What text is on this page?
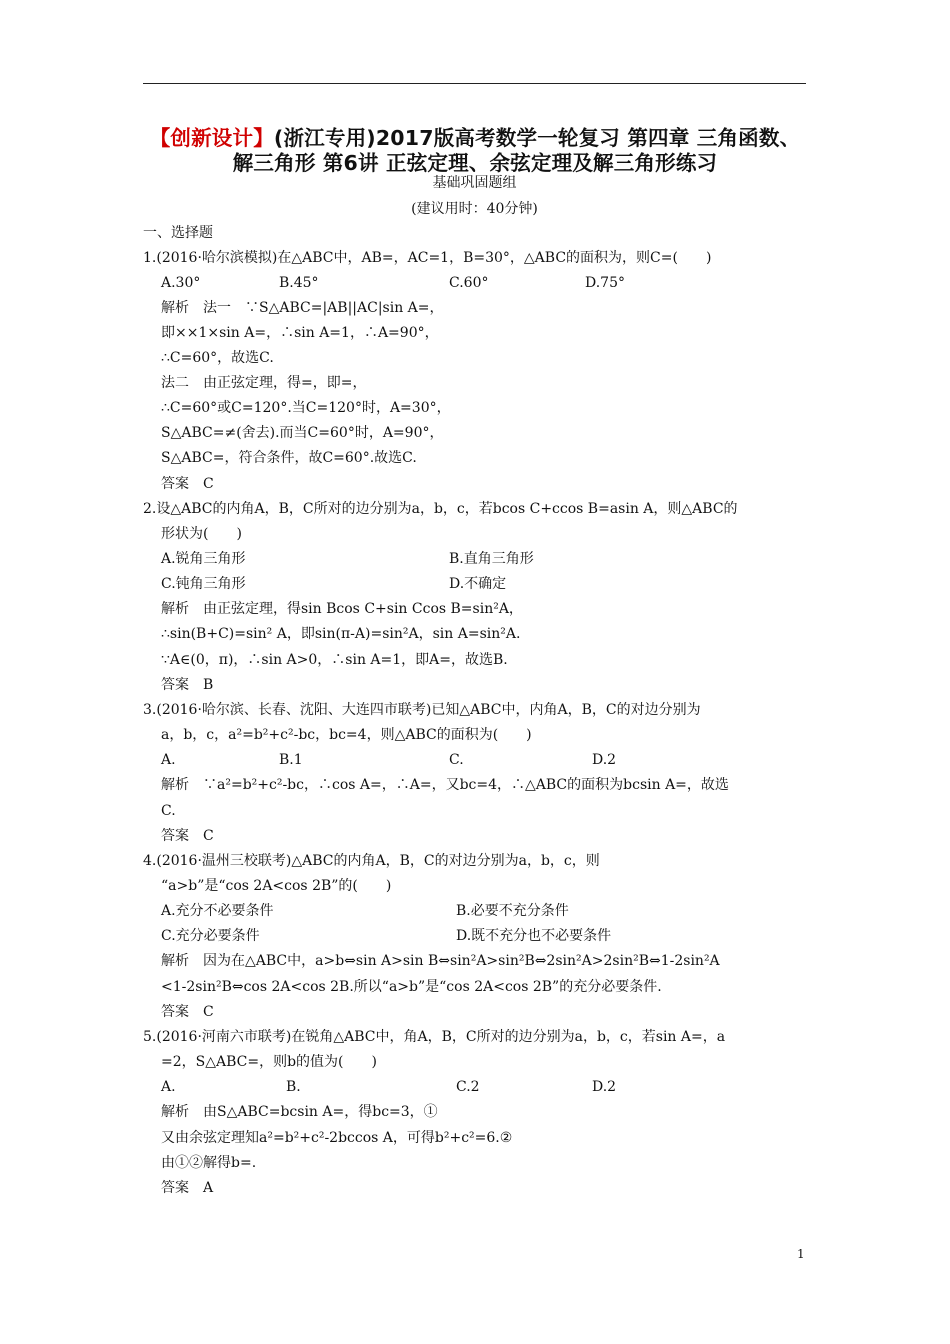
【创新设计】(浙江专用)2017版高考数学一轮复习 第四章 三角函数、
解三角形 第6讲 正弦定理、余弦定理及解三角形练习
基础巩固题组
(建议用时：40分钟)
一、选择题
1.(2016·哈尔滨模拟)在△ABC中，AB=，AC=1，B=30°，△ABC的面积为，则C=(　　)
A.30°	B.45°	C.60°	D.75°
解析　法一　∵S△ABC=|AB||AC|sin A=，
即××1×sin A=，∴sin A=1，∴A=90°，
∴C=60°，故选C.
法二　由正弦定理，得=，即=，
∴C=60°或C=120°.当C=120°时，A=30°，
S△ABC=≠(舍去).而当C=60°时，A=90°，
S△ABC=，符合条件，故C=60°.故选C.
答案　C
2.设△ABC的内角A，B，C所对的边分别为a，b，c，若bcos C+ccos B=asin A，则△ABC的
形状为(　　)
A.锐角三角形	B.直角三角形
C.钝角三角形	D.不确定
解析　由正弦定理，得sin Bcos C+sin Ccos B=sin²A，
∴sin(B+C)=sin² A，即sin(π-A)=sin²A，sin A=sin²A.
∵A∈(0，π)，∴sin A>0，∴sin A=1，即A=，故选B.
答案　B
3.(2016·哈尔滨、长春、沈阳、大连四市联考)已知△ABC中，内角A，B，C的对边分别为
a，b，c，a²=b²+c²-bc，bc=4，则△ABC的面积为(　　)
A.	B.1	C.	D.2
解析　∵a²=b²+c²-bc，∴cos A=，∴A=，又bc=4，∴△ABC的面积为bcsin A=，故选
C.
答案　C
4.(2016·温州三校联考)△ABC的内角A，B，C的对边分别为a，b，c，则
“a>b”是“cos 2A<cos 2B”的(　　)
A.充分不必要条件	B.必要不充分条件
C.充分必要条件	D.既不充分也不必要条件
解析　因为在△ABC中，a>b⇔sin A>sin B⇔sin²A>sin²B⇔2sin²A>2sin²B⇔1-2sin²A
<1-2sin²B⇔cos 2A<cos 2B.所以“a>b”是“cos 2A<cos 2B”的充分必要条件.
答案　C
5.(2016·河南六市联考)在锐角△ABC中，角A，B，C所对的边分别为a，b，c，若sin A=，a
=2，S△ABC=，则b的值为(　　)
A.	B.	C.2	D.2
解析　由S△ABC=bcsin A=，得bc=3，①
又由余弦定理知a²=b²+c²-2bccos A，可得b²+c²=6.②
由①②解得b=.
答案　A
1
